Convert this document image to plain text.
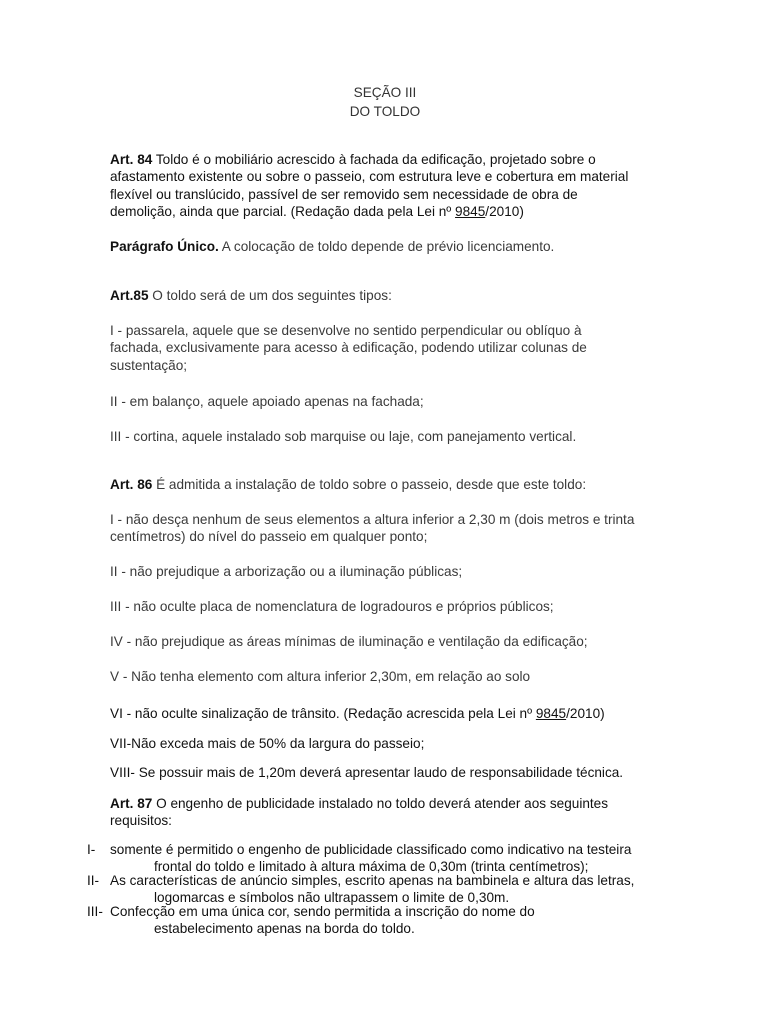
SEÇÃO III
DO TOLDO
Art. 84 Toldo é o mobiliário acrescido à fachada da edificação, projetado sobre o
afastamento existente ou sobre o passeio, com estrutura leve e cobertura em material
flexível ou translúcido, passível de ser removido sem necessidade de obra de
demolição, ainda que parcial. (Redação dada pela Lei nº 9845/2010)
Parágrafo Único. A colocação de toldo depende de prévio licenciamento.
Art.85 O toldo será de um dos seguintes tipos:
I - passarela, aquele que se desenvolve no sentido perpendicular ou oblíquo à
fachada, exclusivamente para acesso à edificação, podendo utilizar colunas de
sustentação;
II - em balanço, aquele apoiado apenas na fachada;
III - cortina, aquele instalado sob marquise ou laje, com panejamento vertical.
Art. 86 É admitida a instalação de toldo sobre o passeio, desde que este toldo:
I - não desça nenhum de seus elementos a altura inferior a 2,30 m (dois metros e trinta
centímetros) do nível do passeio em qualquer ponto;
II - não prejudique a arborização ou a iluminação públicas;
III - não oculte placa de nomenclatura de logradouros e próprios públicos;
IV - não prejudique as áreas mínimas de iluminação e ventilação da edificação;
V - Não tenha elemento com altura inferior 2,30m, em relação ao solo
VI - não oculte sinalização de trânsito. (Redação acrescida pela Lei nº 9845/2010)
VII-Não exceda mais de 50% da largura do passeio;
VIII- Se possuir mais de 1,20m deverá apresentar laudo de responsabilidade técnica.
Art. 87 O engenho de publicidade instalado no toldo deverá atender aos seguintes
requisitos:
I- somente é permitido o engenho de publicidade classificado como indicativo na testeira
frontal do toldo e limitado à altura máxima de 0,30m (trinta centímetros);
II- As características de anúncio simples, escrito apenas na bambinela e altura das letras,
logomarcas e símbolos não ultrapassem o limite de 0,30m.
III- Confecção em uma única cor, sendo permitida a inscrição do nome do
estabelecimento apenas na borda do toldo.
